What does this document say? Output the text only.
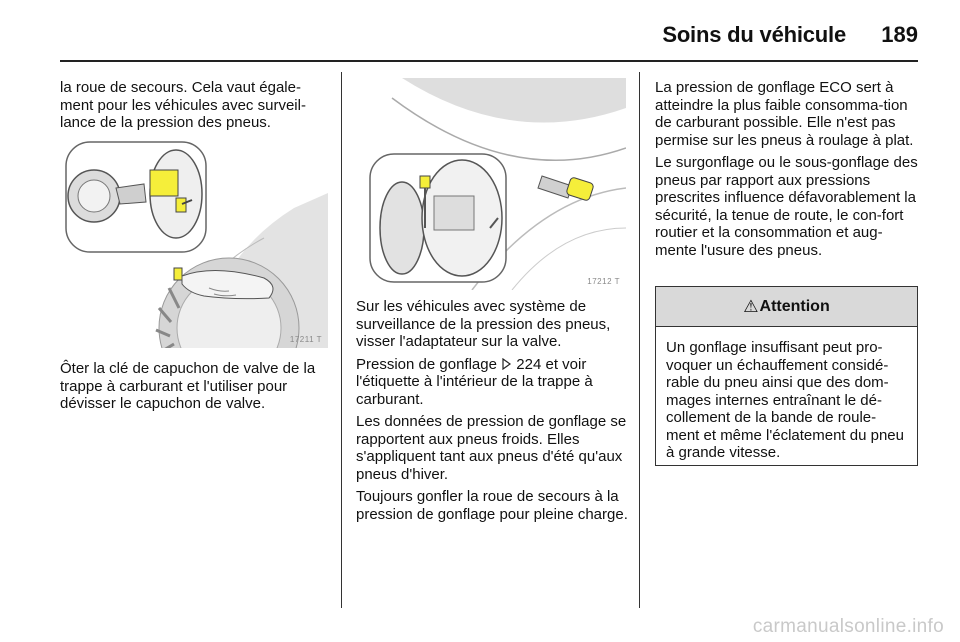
Soins du véhicule 189

la roue de secours. Cela vaut égale-ment pour les véhicules avec surveil-lance de la pression des pneus.

17211 T

Ôter la clé de capuchon de valve de la trappe à carburant et l'utiliser pour dévisser le capuchon de valve.

17212 T

Sur les véhicules avec système de surveillance de la pression des pneus, visser l'adaptateur sur la valve.

Pression de gonflage 224 et voir l'étiquette à l'intérieur de la trappe à carburant.

Les données de pression de gonflage se rapportent aux pneus froids. Elles s'appliquent tant aux pneus d'été qu'aux pneus d'hiver.

Toujours gonfler la roue de secours à la pression de gonflage pour pleine charge.

La pression de gonflage ECO sert à atteindre la plus faible consomma-tion de carburant possible. Elle n'est pas permise sur les pneus à roulage à plat.

Le surgonflage ou le sous-gonflage des pneus par rapport aux pressions prescrites influence défavorablement la sécurité, la tenue de route, le con-fort routier et la consommation et aug-mente l'usure des pneus.

⚠ Attention
Un gonflage insuffisant peut pro-voquer un échauffement considé-rable du pneu ainsi que des dom-mages internes entraînant le dé-collement de la bande de roule-ment et même l'éclatement du pneu à grande vitesse.
carmanualsonline.info
